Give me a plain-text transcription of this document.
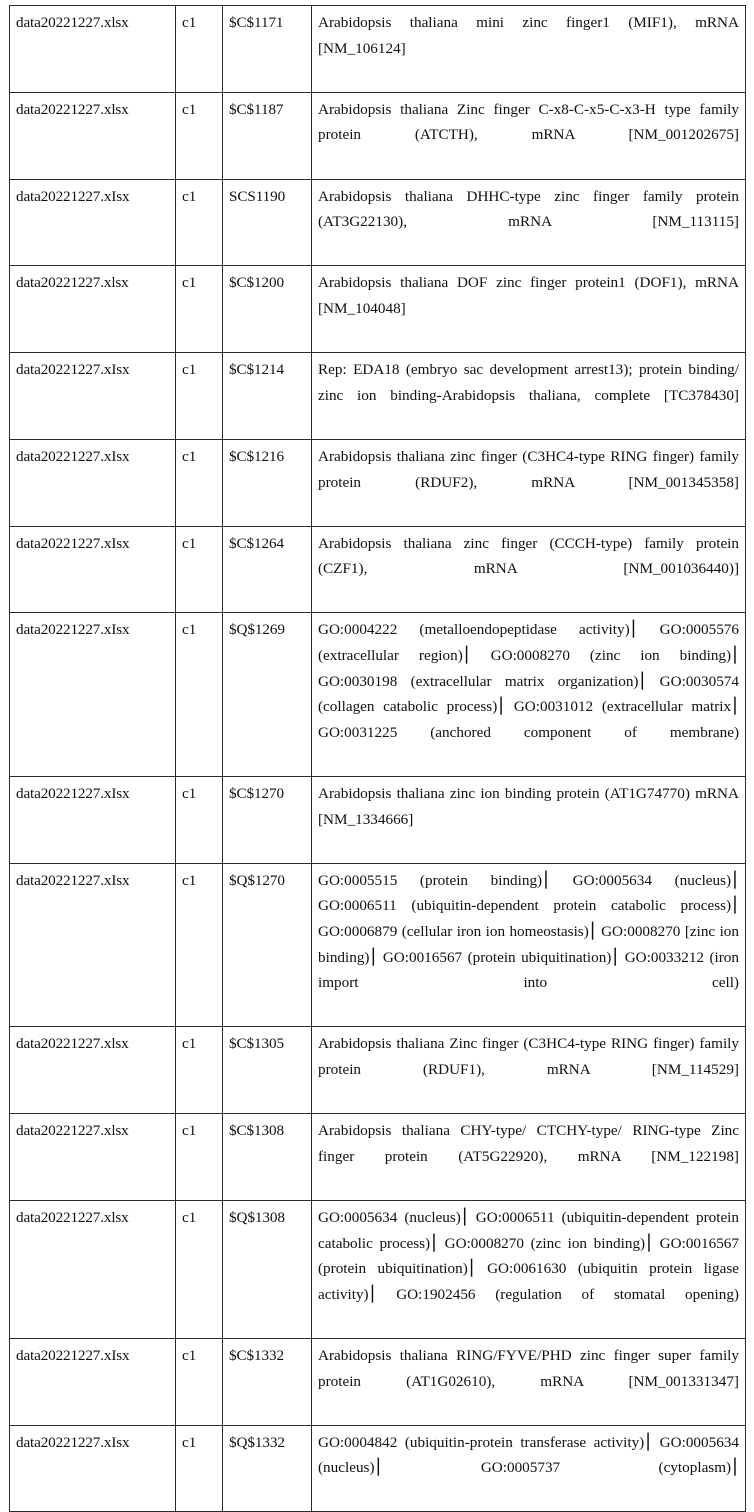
data20221227.xlsx	c1	$C$1171	Arabidopsis thaliana mini zinc finger1 (MIF1), mRNA [NM_106124]
data20221227.xlsx	c1	$C$1187	Arabidopsis thaliana Zinc finger C-x8-C-x5-C-x3-H type family protein (ATCTH), mRNA [NM_001202675]
data20221227.xIsx	c1	SCS1190	Arabidopsis thaliana DHHC-type zinc finger family protein (AT3G22130), mRNA [NM_113115]
data20221227.xlsx	c1	$C$1200	Arabidopsis thaliana DOF zinc finger protein1 (DOF1), mRNA [NM_104048]
data20221227.xIsx	c1	$C$1214	Rep: EDA18 (embryo sac development arrest13); protein binding/ zinc ion binding-Arabidopsis thaliana, complete [TC378430]
data20221227.xIsx	c1	$C$1216	Arabidopsis thaliana zinc finger (C3HC4-type RING finger) family protein (RDUF2), mRNA [NM_001345358]
data20221227.xIsx	c1	$C$1264	Arabidopsis thaliana zinc finger (CCCH-type) family protein (CZF1), mRNA [NM_001036440)]
data20221227.xIsx	c1	$Q$1269	GO:0004222 (metalloendopeptidase activity)⎮ GO:0005576 (extracellular region)⎮ GO:0008270 (zinc ion binding)⎮ GO:0030198 (extracellular matrix organization)⎮ GO:0030574 (collagen catabolic process)⎮ GO:0031012 (extracellular matrix⎮ GO:0031225 (anchored component of membrane)
data20221227.xIsx	c1	$C$1270	Arabidopsis thaliana zinc ion binding protein (AT1G74770) mRNA [NM_1334666]
data20221227.xIsx	c1	$Q$1270	GO:0005515 (protein binding)⎮ GO:0005634 (nucleus)⎮ GO:0006511 (ubiquitin-dependent protein catabolic process)⎮ GO:0006879 (cellular iron ion homeostasis)⎮ GO:0008270 [zinc ion binding)⎮ GO:0016567 (protein ubiquitination)⎮ GO:0033212 (iron import into cell)
data20221227.xlsx	c1	$C$1305	Arabidopsis thaliana Zinc finger (C3HC4-type RING finger) family protein (RDUF1), mRNA [NM_114529]
data20221227.xlsx	c1	$C$1308	Arabidopsis thaliana CHY-type/ CTCHY-type/ RING-type Zinc finger protein (AT5G22920), mRNA [NM_122198]
data20221227.xlsx	c1	$Q$1308	GO:0005634 (nucleus)⎮ GO:0006511 (ubiquitin-dependent protein catabolic process)⎮ GO:0008270 (zinc ion binding)⎮ GO:0016567 (protein ubiquitination)⎮ GO:0061630 (ubiquitin protein ligase activity)⎮ GO:1902456 (regulation of stomatal opening)
data20221227.xIsx	c1	$C$1332	Arabidopsis thaliana RING/FYVE/PHD zinc finger super family protein (AT1G02610), mRNA [NM_001331347]
data20221227.xIsx	c1	$Q$1332	GO:0004842 (ubiquitin-protein transferase activity)⎮ GO:0005634 (nucleus)⎮ GO:0005737 (cytoplasm)⎮
